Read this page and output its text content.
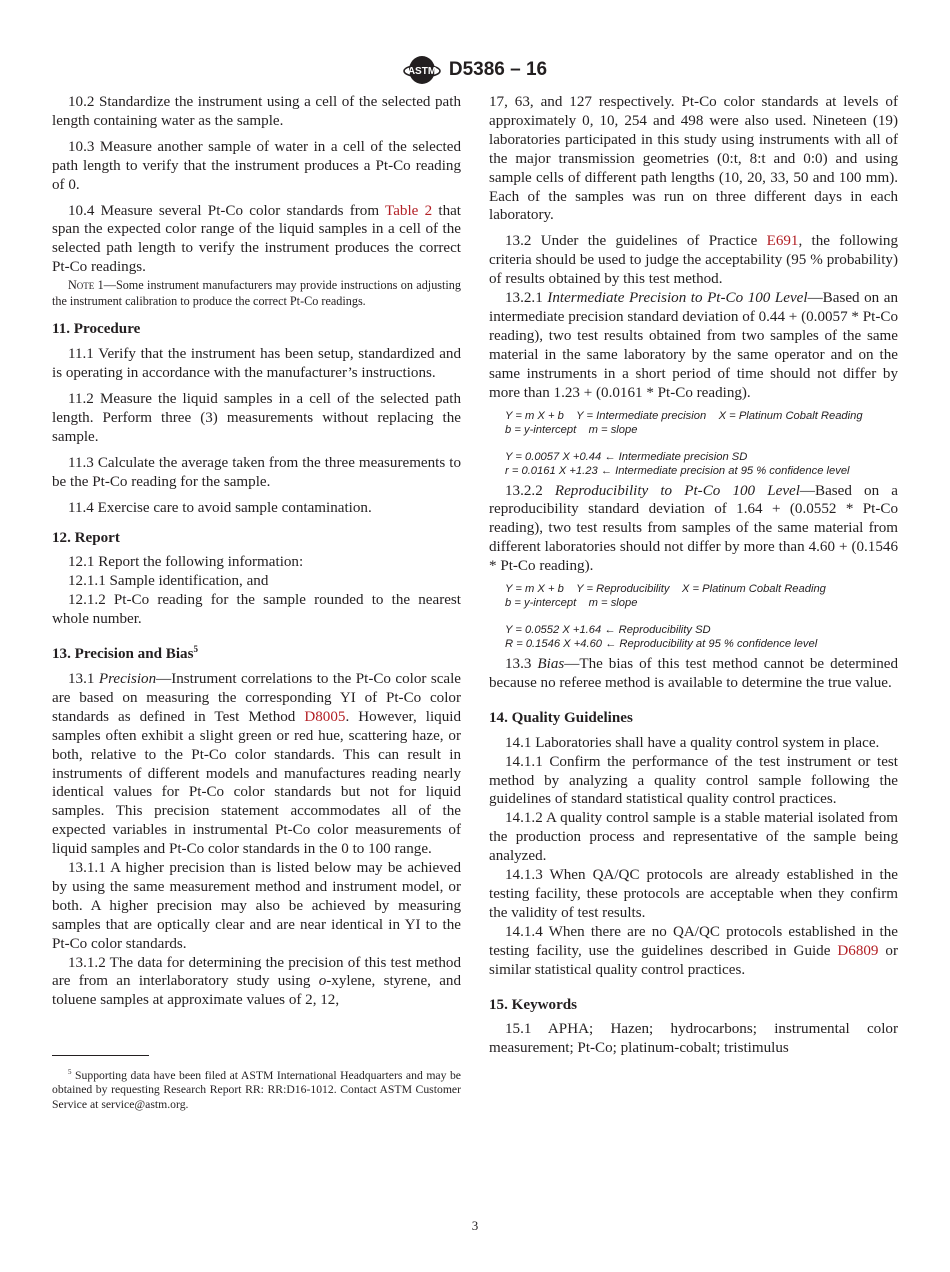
ASTM D5386 – 16

10.2 Standardize the instrument using a cell of the selected path length containing water as the sample.

10.3 Measure another sample of water in a cell of the selected path length to verify that the instrument produces a Pt-Co reading of 0.

10.4 Measure several Pt-Co color standards from Table 2 that span the expected color range of the liquid samples in a cell of the selected path length to verify the instrument produces the correct Pt-Co readings.

Note 1—Some instrument manufacturers may provide instructions on adjusting the instrument calibration to produce the correct Pt-Co readings.

11. Procedure

11.1 Verify that the instrument has been setup, standardized and is operating in accordance with the manufacturer’s instructions.

11.2 Measure the liquid samples in a cell of the selected path length. Perform three (3) measurements without replacing the sample.

11.3 Calculate the average taken from the three measurements to be the Pt-Co reading for the sample.

11.4 Exercise care to avoid sample contamination.

12. Report

12.1 Report the following information:

12.1.1 Sample identification, and

12.1.2 Pt-Co reading for the sample rounded to the nearest whole number.

13. Precision and Bias$^5$

13.1 Precision—Instrument correlations to the Pt-Co color scale are based on measuring the corresponding YI of Pt-Co color standards as defined in Test Method D8005. However, liquid samples often exhibit a slight green or red hue, scattering haze, or both, relative to the Pt-Co color standards. This can result in instruments of different models and manufactures reading nearly identical values for Pt-Co color standards but not for liquid samples. This precision statement accommodates all of the expected variables in instrumental Pt-Co color measurements of liquid samples and Pt-Co color standards in the 0 to 100 range.

13.1.1 A higher precision than is listed below may be achieved by using the same measurement method and instrument model, or both. A higher precision may also be achieved by measuring samples that are optically clear and are near identical in YI to the Pt-Co color standards.

13.1.2 The data for determining the precision of this test method are from an interlaboratory study using o-xylene, styrene, and toluene samples at approximate values of 2, 12,

$^5$ Supporting data have been filed at ASTM International Headquarters and may be obtained by requesting Research Report RR: RR:D16-1012. Contact ASTM Customer Service at service@astm.org.

17, 63, and 127 respectively. Pt-Co color standards at levels of approximately 0, 10, 254 and 498 were also used. Nineteen (19) laboratories participated in this study using instruments with all of the major transmission geometries (0:t, 8:t and 0:0) and using sample cells of different path lengths (10, 20, 33, 50 and 100 mm). Each of the samples was run on three different days in each laboratory.

13.2 Under the guidelines of Practice E691, the following criteria should be used to judge the acceptability (95 % probability) of results obtained by this test method.

13.2.1 Intermediate Precision to Pt-Co 100 Level—Based on an intermediate precision standard deviation of 0.44 + (0.0057 * Pt-Co reading), two test results obtained from two samples of the same material in the same laboratory by the same operator and on the same instruments in a short period of time should not differ by more than 1.23 + (0.0161 * Pt-Co reading).

Y = m X + b    Y = Intermediate precision    X = Platinum Cobalt Reading
b = y-intercept    m = slope
Y = 0.0057 X +0.44 ← Intermediate precision SD
r = 0.0161 X +1.23 ← Intermediate precision at 95 % confidence level

13.2.2 Reproducibility to Pt-Co 100 Level—Based on a reproducibility standard deviation of 1.64 + (0.0552 * Pt-Co reading), two test results from samples of the same material from different laboratories should not differ by more than 4.60 + (0.1546 * Pt-Co reading).

Y = m X + b    Y = Reproducibility    X = Platinum Cobalt Reading
b = y-intercept    m = slope
Y = 0.0552 X +1.64 ← Reproducibility SD
R = 0.1546 X +4.60 ← Reproducibility at 95 % confidence level

13.3 Bias—The bias of this test method cannot be determined because no referee method is available to determine the true value.

14. Quality Guidelines

14.1 Laboratories shall have a quality control system in place.

14.1.1 Confirm the performance of the test instrument or test method by analyzing a quality control sample following the guidelines of standard statistical quality control practices.

14.1.2 A quality control sample is a stable material isolated from the production process and representative of the sample being analyzed.

14.1.3 When QA/QC protocols are already established in the testing facility, these protocols are acceptable when they confirm the validity of test results.

14.1.4 When there are no QA/QC protocols established in the testing facility, use the guidelines described in Guide D6809 or similar statistical quality control practices.

15. Keywords

15.1 APHA; Hazen; hydrocarbons; instrumental color measurement; Pt-Co; platinum-cobalt; tristimulus

3
